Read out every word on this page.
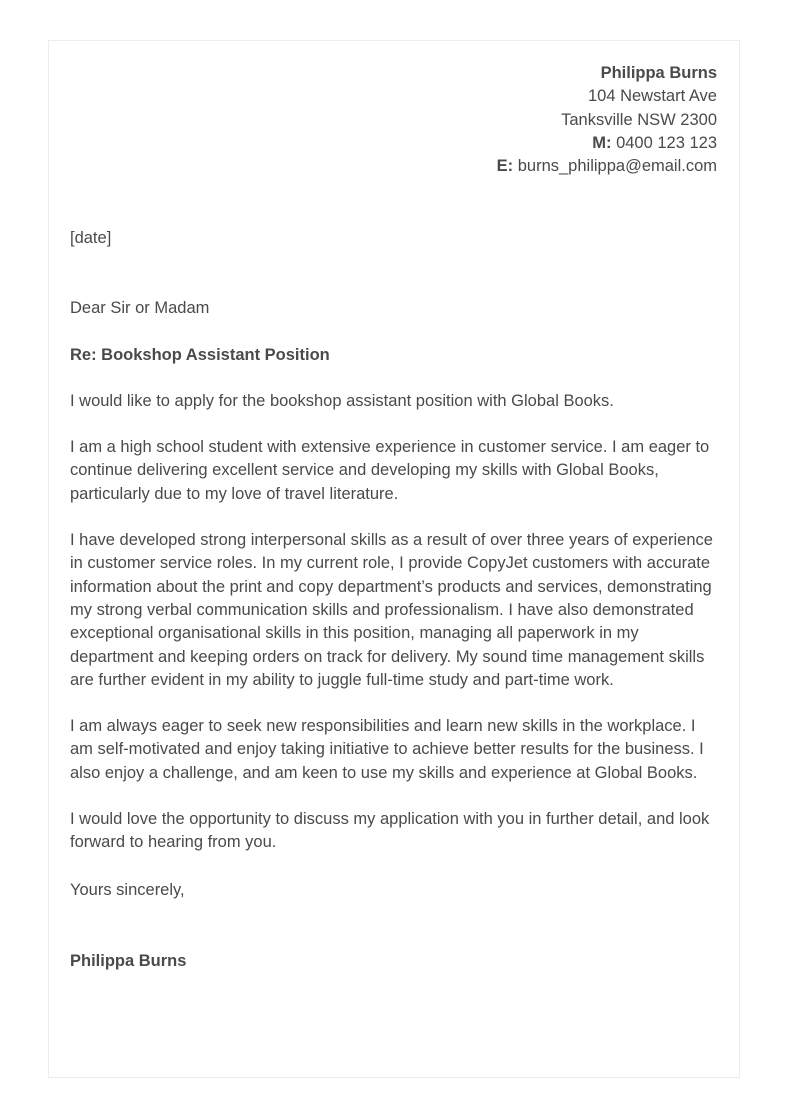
Philippa Burns
104 Newstart Ave
Tanksville NSW 2300
M: 0400 123 123
E: burns_philippa@email.com

[date]

Dear Sir or Madam

Re: Bookshop Assistant Position

I would like to apply for the bookshop assistant position with Global Books.

I am a high school student with extensive experience in customer service. I am eager to continue delivering excellent service and developing my skills with Global Books, particularly due to my love of travel literature.

I have developed strong interpersonal skills as a result of over three years of experience in customer service roles. In my current role, I provide CopyJet customers with accurate information about the print and copy department’s products and services, demonstrating my strong verbal communication skills and professionalism. I have also demonstrated exceptional organisational skills in this position, managing all paperwork in my department and keeping orders on track for delivery. My sound time management skills are further evident in my ability to juggle full-time study and part-time work.

I am always eager to seek new responsibilities and learn new skills in the workplace. I am self-motivated and enjoy taking initiative to achieve better results for the business. I also enjoy a challenge, and am keen to use my skills and experience at Global Books.

I would love the opportunity to discuss my application with you in further detail, and look forward to hearing from you.

Yours sincerely,

Philippa Burns
